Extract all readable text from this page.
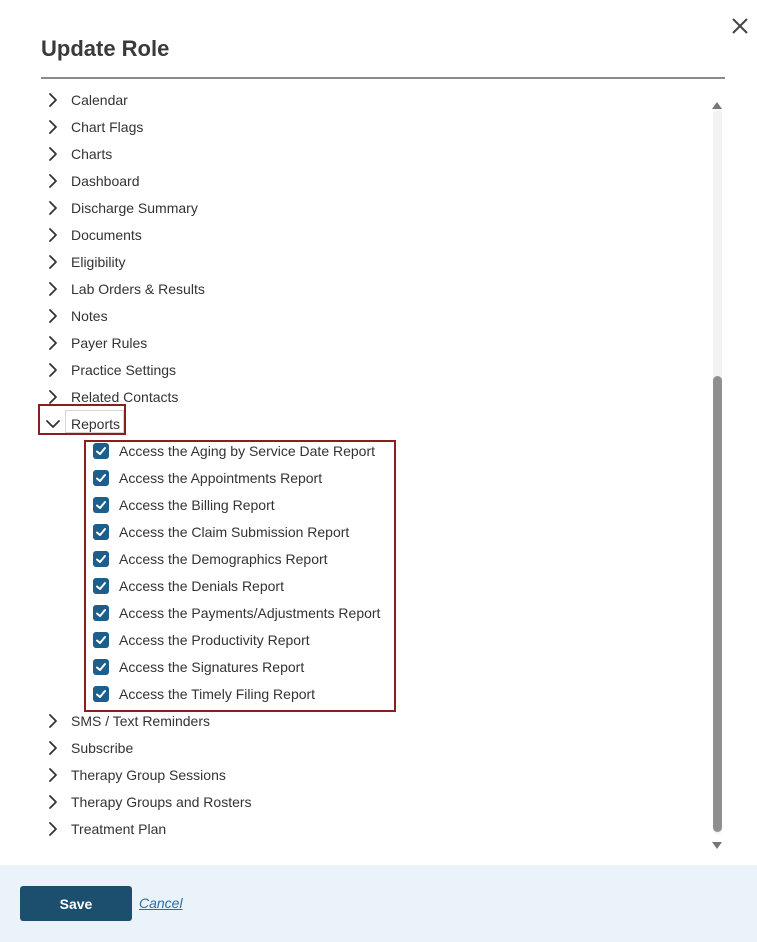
Update Role
Save	Cancel
Calendar
Chart Flags
Charts
Dashboard
Discharge Summary
Documents
Eligibility
Lab Orders & Results
Notes
Payer Rules
Practice Settings
Related Contacts
Reports
Access the Aging by Service Date Report
Access the Appointments Report
Access the Billing Report
Access the Claim Submission Report
Access the Demographics Report
Access the Denials Report
Access the Payments/Adjustments Report
Access the Productivity Report
Access the Signatures Report
Access the Timely Filing Report
SMS / Text Reminders
Subscribe
Therapy Group Sessions
Therapy Groups and Rosters
Treatment Plan
